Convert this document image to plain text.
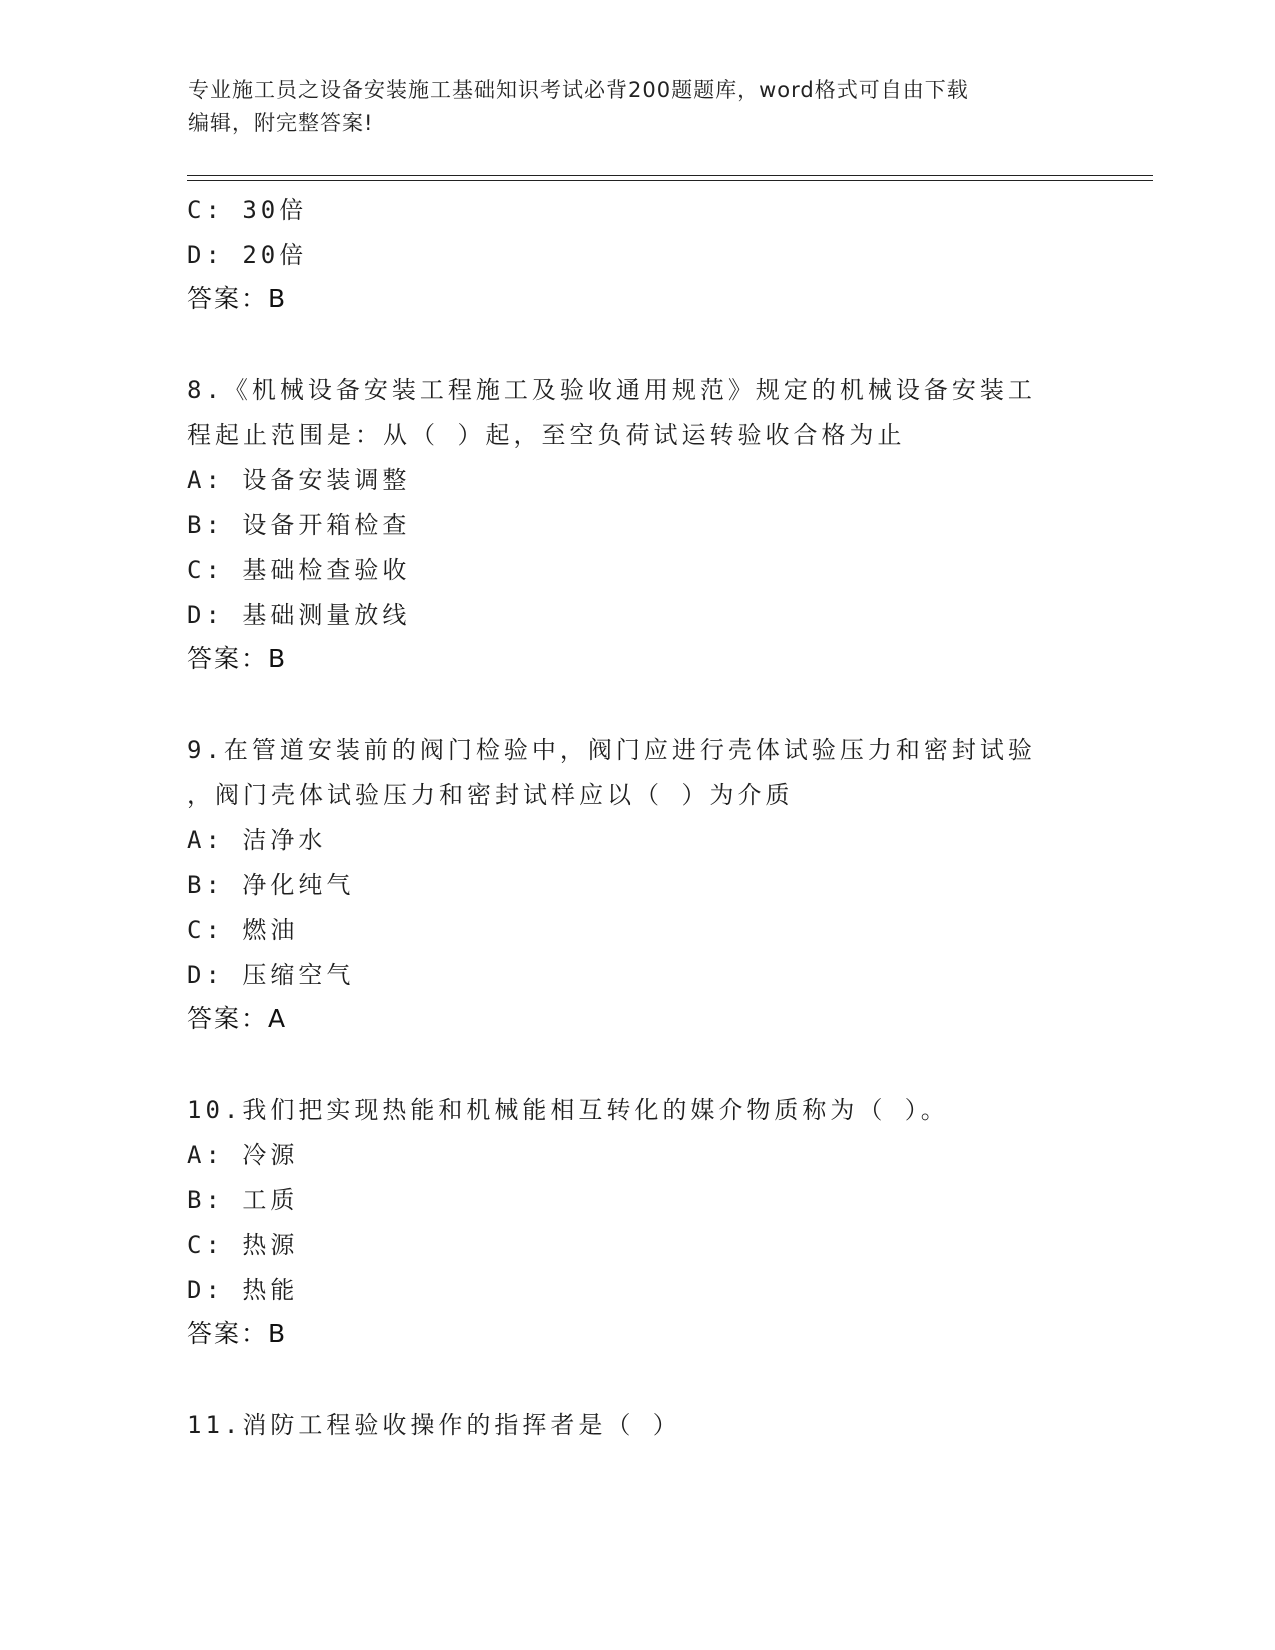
专业施工员之设备安装施工基础知识考试必背200题题库，word格式可自由下载
编辑，附完整答案!
C: 30倍
D: 20倍
答案：B
8.《机械设备安装工程施工及验收通用规范》规定的机械设备安装工
程起止范围是：从（ ）起，至空负荷试运转验收合格为止
A: 设备安装调整
B: 设备开箱检查
C: 基础检查验收
D: 基础测量放线
答案：B
9.在管道安装前的阀门检验中，阀门应进行壳体试验压力和密封试验
，阀门壳体试验压力和密封试样应以（ ）为介质
A: 洁净水
B: 净化纯气
C: 燃油
D: 压缩空气
答案：A
10.我们把实现热能和机械能相互转化的媒介物质称为（ ）。
A: 冷源
B: 工质
C: 热源
D: 热能
答案：B
11.消防工程验收操作的指挥者是（ ）
